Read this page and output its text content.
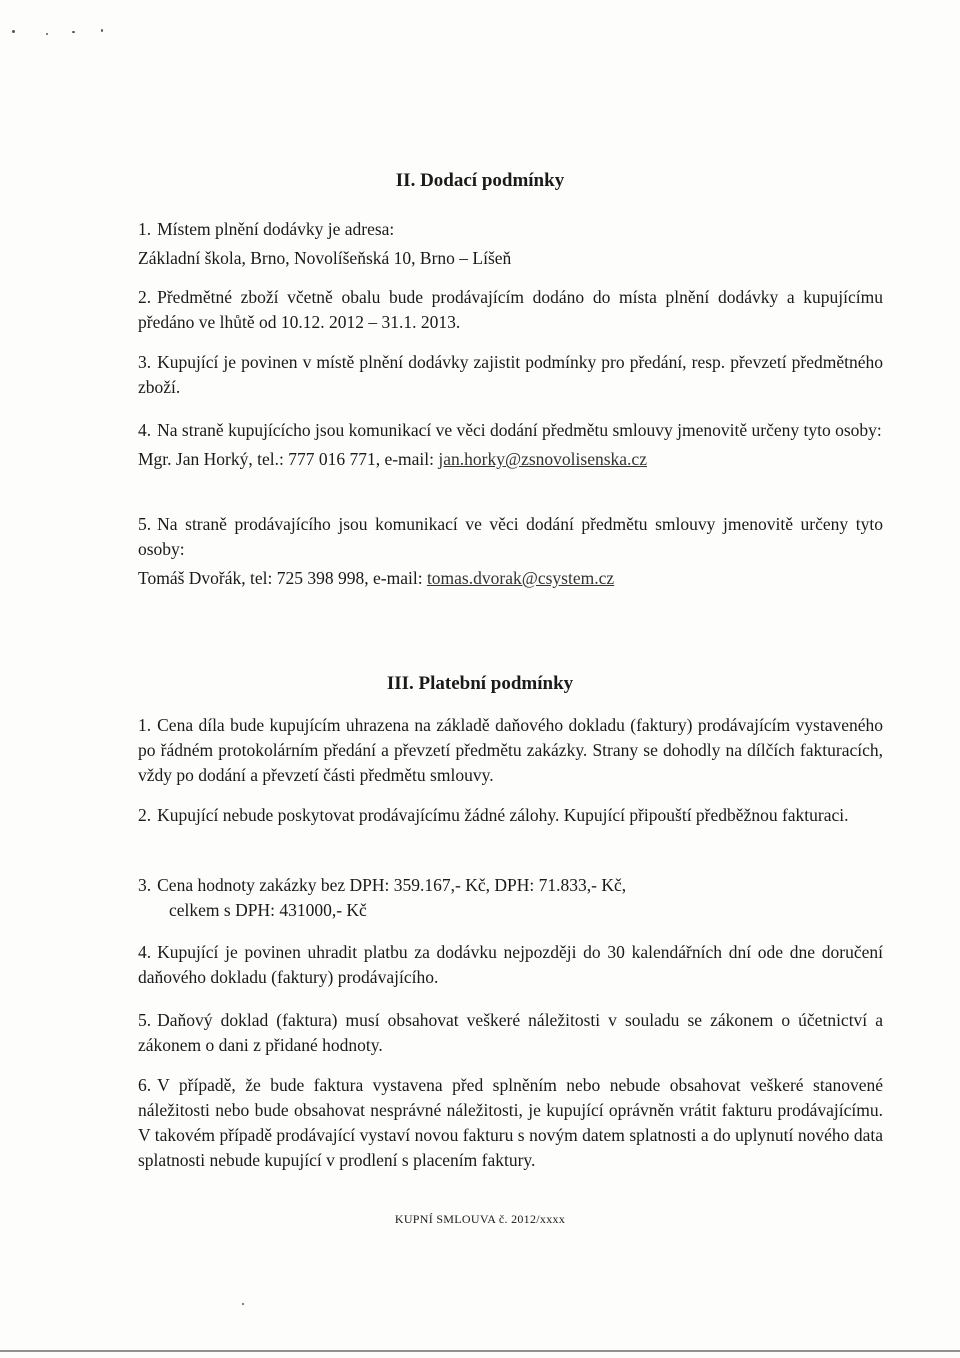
II. Dodací podmínky

1. Místem plnění dodávky je adresa:

Základní škola, Brno, Novolíšeňská 10, Brno – Líšeň

2. Předmětné zboží včetně obalu bude prodávajícím dodáno do místa plnění dodávky a kupujícímu předáno ve lhůtě od 10.12. 2012 – 31.1. 2013.

3. Kupující je povinen v místě plnění dodávky zajistit podmínky pro předání, resp. převzetí předmětného zboží.

4. Na straně kupujícícho jsou komunikací ve věci dodání předmětu smlouvy jmenovitě určeny tyto osoby:

Mgr. Jan Horký, tel.: 777 016 771, e-mail: jan.horky@zsnovolisenska.cz

5. Na straně prodávajícího jsou komunikací ve věci dodání předmětu smlouvy jmenovitě určeny tyto osoby:

Tomáš Dvořák, tel: 725 398 998, e-mail: tomas.dvorak@csystem.cz

III. Platební podmínky

1. Cena díla bude kupujícím uhrazena na základě daňového dokladu (faktury) prodávajícím vystaveného po řádném protokolárním předání a převzetí předmětu zakázky. Strany se dohodly na dílčích fakturacích, vždy po dodání a převzetí části předmětu smlouvy.

2. Kupující nebude poskytovat prodávajícímu žádné zálohy. Kupující připouští předběžnou fakturaci.

3. Cena hodnoty zakázky bez DPH: 359.167,- Kč, DPH: 71.833,- Kč,

celkem s DPH: 431000,- Kč

4. Kupující je povinen uhradit platbu za dodávku nejpozději do 30 kalendářních dní ode dne doručení daňového dokladu (faktury) prodávajícího.

5. Daňový doklad (faktura) musí obsahovat veškeré náležitosti v souladu se zákonem o účetnictví a zákonem o dani z přidané hodnoty.

6. V případě, že bude faktura vystavena před splněním nebo nebude obsahovat veškeré stanovené náležitosti nebo bude obsahovat nesprávné náležitosti, je kupující oprávněn vrátit fakturu prodávajícímu. V takovém případě prodávající vystaví novou fakturu s novým datem splatnosti a do uplynutí nového data splatnosti nebude kupující v prodlení s placením faktury.

KUPNÍ SMLOUVA č. 2012/xxxx
